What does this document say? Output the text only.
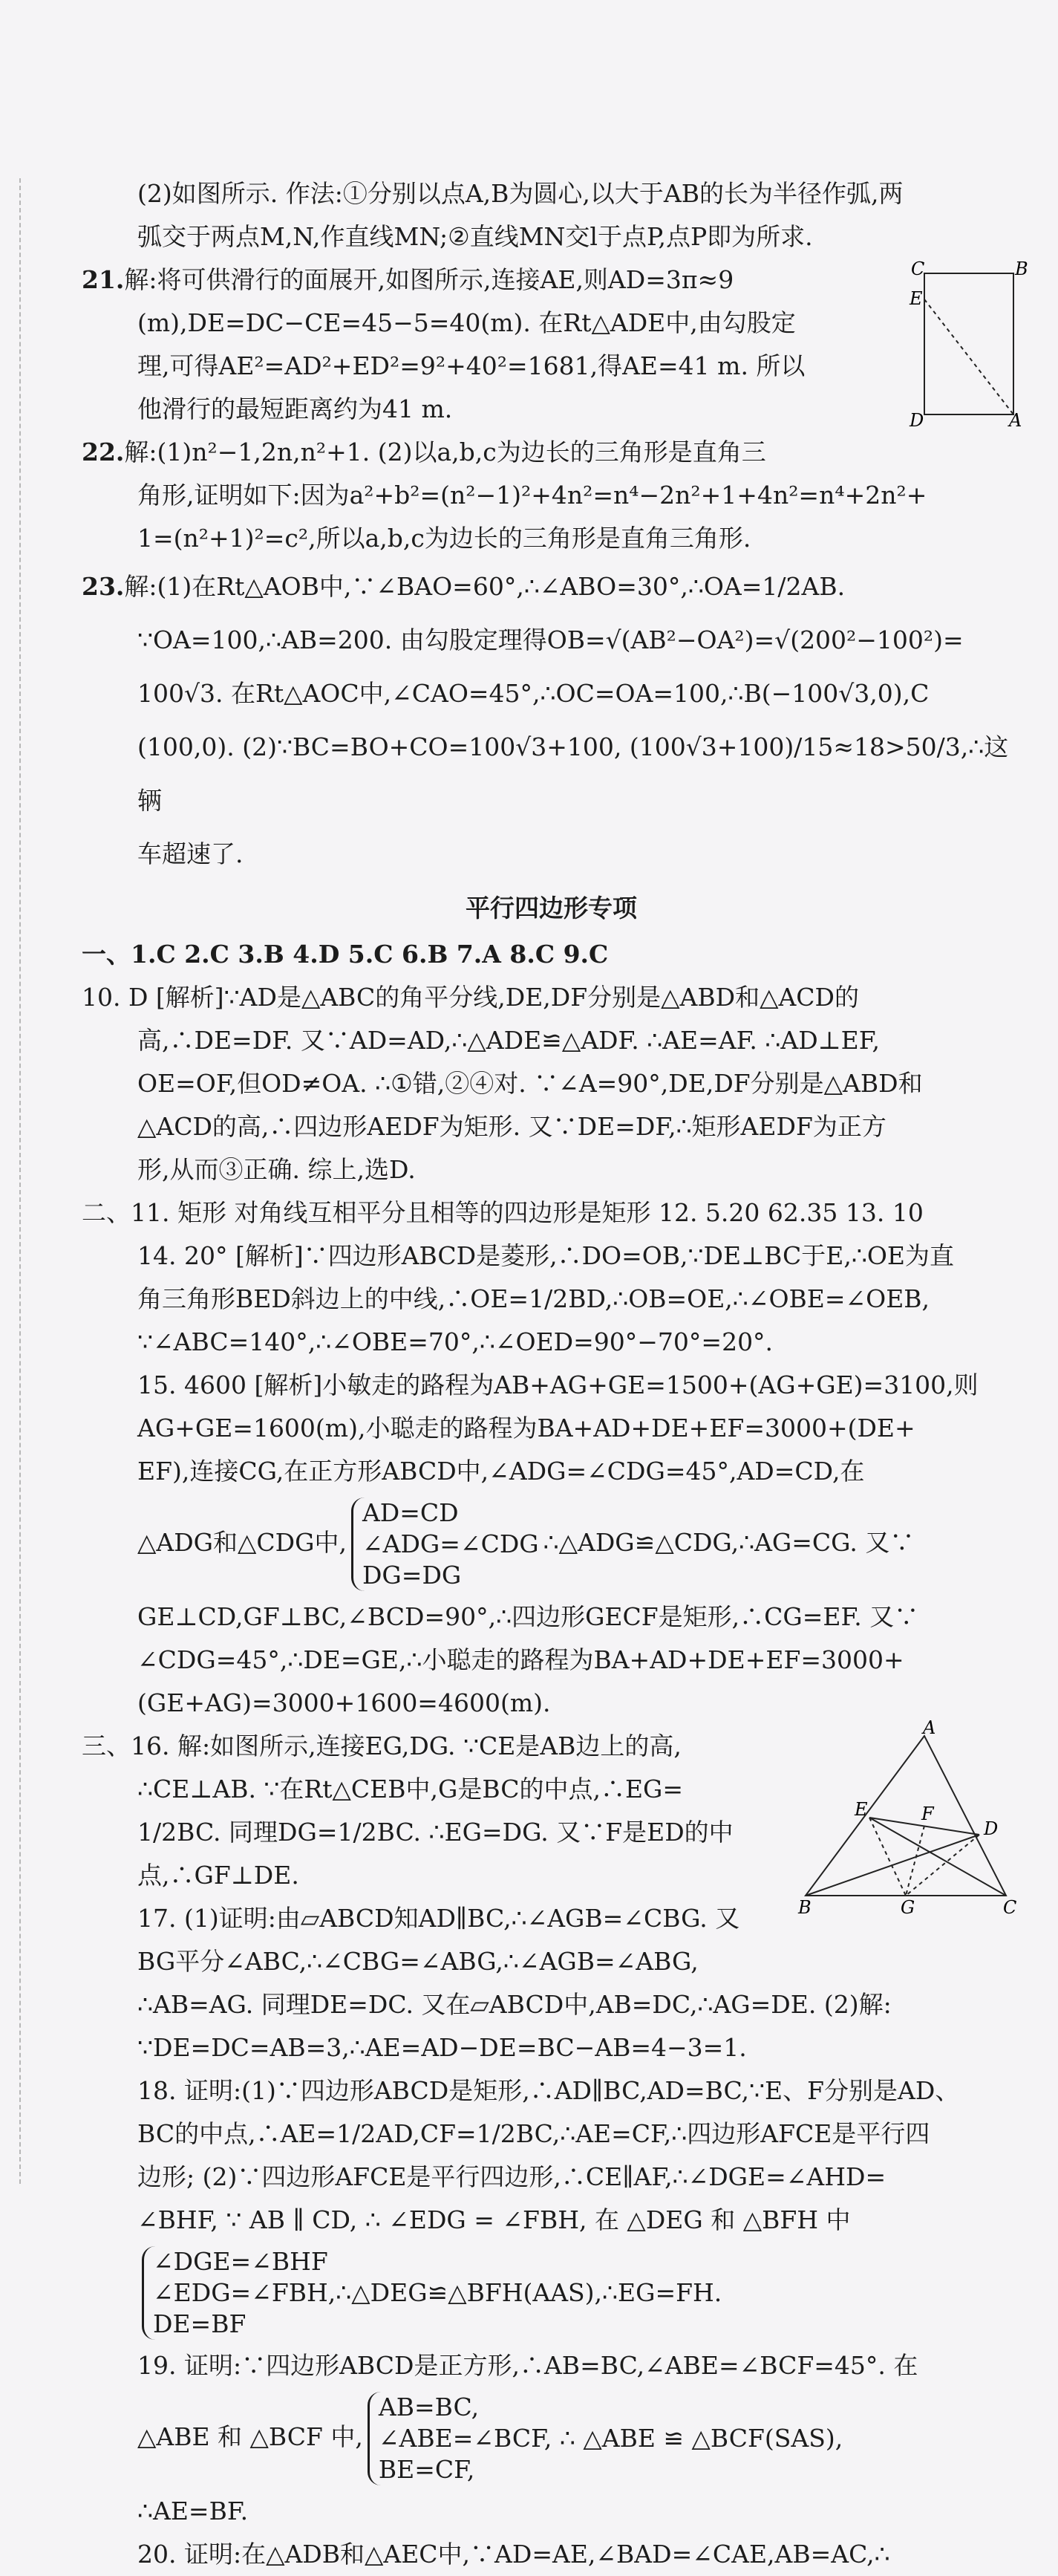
(2)如图所示. 作法:①分别以点A,B为圆心,以大于AB的长为半径作弧,两

弧交于两点M,N,作直线MN;②直线MN交l于点P,点P即为所求.

C	B
E
D	A

21.解:将可供滑行的面展开,如图所示,连接AE,则AD=3π≈9

(m),DE=DC−CE=45−5=40(m). 在Rt△ADE中,由勾股定

理,可得AE²=AD²+ED²=9²+40²=1681,得AE=41 m. 所以

他滑行的最短距离约为41 m.

22.解:(1)n²−1,2n,n²+1. (2)以a,b,c为边长的三角形是直角三

角形,证明如下:因为a²+b²=(n²−1)²+4n²=n⁴−2n²+1+4n²=n⁴+2n²+

1=(n²+1)²=c²,所以a,b,c为边长的三角形是直角三角形.

23.解:(1)在Rt△AOB中,∵∠BAO=60°,∴∠ABO=30°,∴OA=1/2AB.

∵OA=100,∴AB=200. 由勾股定理得OB=√(AB²−OA²)=√(200²−100²)=

100√3. 在Rt△AOC中,∠CAO=45°,∴OC=OA=100,∴B(−100√3,0),C

(100,0). (2)∵BC=BO+CO=100√3+100, (100√3+100)/15≈18>50/3,∴这辆

车超速了.

平行四边形专项

一、1.C 2.C 3.B 4.D 5.C 6.B 7.A 8.C 9.C

10. D [解析]∵AD是△ABC的角平分线,DE,DF分别是△ABD和△ACD的

高,∴DE=DF. 又∵AD=AD,∴△ADE≌△ADF. ∴AE=AF. ∴AD⊥EF,

OE=OF,但OD≠OA. ∴①错,②④对. ∵∠A=90°,DE,DF分别是△ABD和

△ACD的高,∴四边形AEDF为矩形. 又∵DE=DF,∴矩形AEDF为正方

形,从而③正确. 综上,选D.

二、11. 矩形 对角线互相平分且相等的四边形是矩形 12. 5.20 62.35 13. 10

14. 20° [解析]∵四边形ABCD是菱形,∴DO=OB,∵DE⊥BC于E,∴OE为直

角三角形BED斜边上的中线,∴OE=1/2BD,∴OB=OE,∴∠OBE=∠OEB,

∵∠ABC=140°,∴∠OBE=70°,∴∠OED=90°−70°=20°.

15. 4600 [解析]小敏走的路程为AB+AG+GE=1500+(AG+GE)=3100,则

AG+GE=1600(m),小聪走的路程为BA+AD+DE+EF=3000+(DE+

EF),连接CG,在正方形ABCD中,∠ADG=∠CDG=45°,AD=CD,在

△ADG和△CDG中,
AD=CD
∠ADG=∠CDG
DG=DG
∴△ADG≌△CDG,∴AG=CG. 又∵

GE⊥CD,GF⊥BC,∠BCD=90°,∴四边形GECF是矩形,∴CG=EF. 又∵

∠CDG=45°,∴DE=GE,∴小聪走的路程为BA+AD+DE+EF=3000+

(GE+AG)=3000+1600=4600(m).

A
E	F
D
B	G	C

三、16. 解:如图所示,连接EG,DG. ∵CE是AB边上的高,

∴CE⊥AB. ∵在Rt△CEB中,G是BC的中点,∴EG=

1/2BC. 同理DG=1/2BC. ∴EG=DG. 又∵F是ED的中

点,∴GF⊥DE.

17. (1)证明:由▱ABCD知AD∥BC,∴∠AGB=∠CBG. 又

BG平分∠ABC,∴∠CBG=∠ABG,∴∠AGB=∠ABG,

∴AB=AG. 同理DE=DC. 又在▱ABCD中,AB=DC,∴AG=DE. (2)解:

∵DE=DC=AB=3,∴AE=AD−DE=BC−AB=4−3=1.

18. 证明:(1)∵四边形ABCD是矩形,∴AD∥BC,AD=BC,∵E、F分别是AD、

BC的中点,∴AE=1/2AD,CF=1/2BC,∴AE=CF,∴四边形AFCE是平行四

边形; (2)∵四边形AFCE是平行四边形,∴CE∥AF,∴∠DGE=∠AHD=

∠BHF, ∵ AB ∥ CD, ∴ ∠EDG = ∠FBH, 在 △DEG 和 △BFH 中

∠DGE=∠BHF
∠EDG=∠FBH,∴△DEG≌△BFH(AAS),∴EG=FH.
DE=BF

19. 证明:∵四边形ABCD是正方形,∴AB=BC,∠ABE=∠BCF=45°. 在

△ABE 和 △BCF 中,
AB=BC,
∠ABE=∠BCF, ∴ △ABE ≌ △BCF(SAS),
BE=CF,

∴AE=BF.

20. 证明:在△ADB和△AEC中,∵AD=AE,∠BAD=∠CAE,AB=AC,∴
